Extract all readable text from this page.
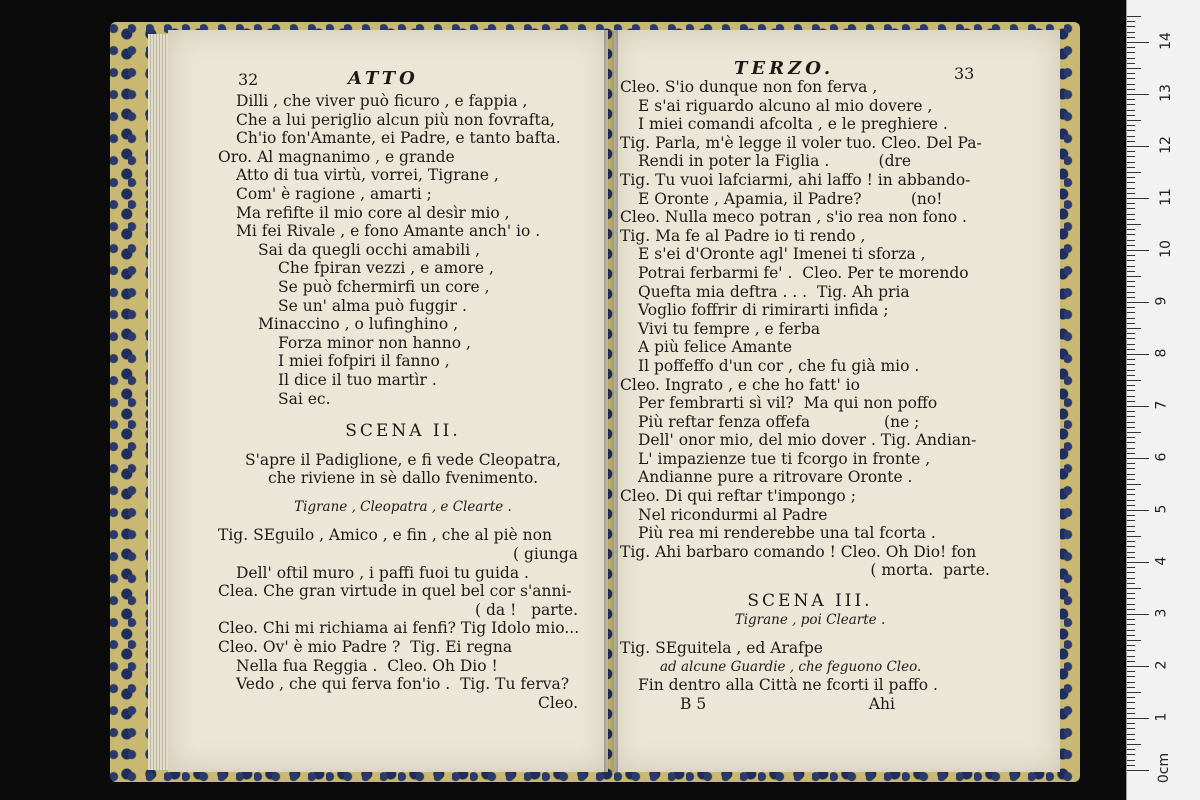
32	ATTO
Dilli , che viver può ficuro , e fappia ,
Che a lui periglio alcun più non fovrafta,
Ch'io fon'Amante, ei Padre, e tanto bafta.
Oro. Al magnanimo , e grande
Atto di tua virtù, vorrei, Tigrane ,
Com' è ragione , amarti ;
Ma refifte il mio core al desìr mio ,
Mi fei Rivale , e fono Amante anch' io .
Sai da quegli occhi amabili ,
Che fpiran vezzi , e amore ,
Se può fchermirfi un core ,
Se un' alma può fuggir .
Minaccino , o lufinghino ,
Forza minor non hanno ,
I miei fofpiri il fanno ,
Il dice il tuo martìr .
Sai ec.
SCENA II.
S'apre il Padiglione, e fi vede Cleopatra,
che riviene in sè dallo fvenimento.
Tigrane , Cleopatra , e Clearte .
Tig. SEguilo , Amico , e fin , che al piè non
( giunga
Dell' oftil muro , i paffi fuoi tu guida .
Clea. Che gran virtude in quel bel cor s'anni-
( da !   parte.
Cleo. Chi mi richiama ai fenfi? Tig Idolo mio...
Cleo. Ov' è mio Padre ?  Tig. Ei regna
Nella fua Reggia .  Cleo. Oh Dio !
Vedo , che qui ferva fon'io .  Tig. Tu ferva?
Cleo.
TERZO.	33
Cleo. S'io dunque non fon ferva ,
E s'ai riguardo alcuno al mio dovere ,
I miei comandi afcolta , e le preghiere .
Tig. Parla, m'è legge il voler tuo. Cleo. Del Pa-
Rendi in poter la Figlia .          (dre
Tig. Tu vuoi lafciarmi, ahi laffo ! in abbando-
E Oronte , Apamia, il Padre?          (no!
Cleo. Nulla meco potran , s'io rea non fono .
Tig. Ma fe al Padre io ti rendo ,
E s'ei d'Oronte agl' Imenei ti sforza ,
Potrai ferbarmi fe' .  Cleo. Per te morendo
Quefta mia deftra . . .  Tig. Ah pria
Voglio foffrir di rimirarti infida ;
Vivi tu fempre , e ferba
A più felice Amante
Il poffeffo d'un cor , che fu già mio .
Cleo. Ingrato , e che ho fatt' io
Per fembrarti sì vil?  Ma qui non poffo
Più reftar fenza offefa               (ne ;
Dell' onor mio, del mio dover . Tig. Andian-
L' impazienze tue ti fcorgo in fronte ,
Andianne pure a ritrovare Oronte .
Cleo. Di qui reftar t'impongo ;
Nel ricondurmi al Padre
Più rea mi renderebbe una tal fcorta .
Tig. Ahi barbaro comando ! Cleo. Oh Dio! fon
( morta.  parte.
SCENA III.
Tigrane , poi Clearte .
Tig. SEguitela , ed Arafpe
ad alcune Guardie , che feguono Cleo.
Fin dentro alla Città ne fcorti il paffo .
B 5                                 Ahi
0cm
1
2
3
4
5
6
7
8
9
10
11
12
13
14
